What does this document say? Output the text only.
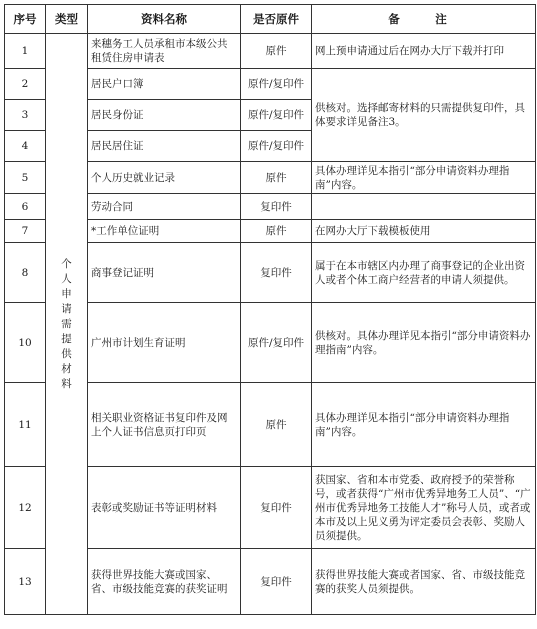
序号	类型	资料名称	是否原件	备　注
1	个人申请需提供材料	来穗务工人员承租市本级公共租赁住房申请表	原件	网上预申请通过后在网办大厅下载并打印
2		居民户口簿	原件/复印件	供核对。选择邮寄材料的只需提供复印件，具体要求详见备注3。
3		居民身份证	原件/复印件	
4		居民居住证	原件/复印件	
5		个人历史就业记录	原件	具体办理详见本指引“部分申请资料办理指南”内容。
6		劳动合同	复印件	
7		*工作单位证明	原件	在网办大厅下载模板使用
8		商事登记证明	复印件	属于在本市辖区内办理了商事登记的企业出资人或者个体工商户经营者的申请人须提供。
10		广州市计划生育证明	原件/复印件	供核对。具体办理详见本指引“部分申请资料办理指南”内容。
11		相关职业资格证书复印件及网上个人证书信息页打印页	原件	具体办理详见本指引“部分申请资料办理指南”内容。
12		表彰或奖励证书等证明材料	复印件	获国家、省和本市党委、政府授予的荣誉称号，或者获得“广州市优秀异地务工人员”、“广州市优秀异地务工技能人才”称号人员，或者或本市及以上见义勇为评定委员会表彰、奖励人员须提供。
13		获得世界技能大赛或国家、省、市级技能竞赛的获奖证明	复印件	获得世界技能大赛或者国家、省、市级技能竞赛的获奖人员须提供。
